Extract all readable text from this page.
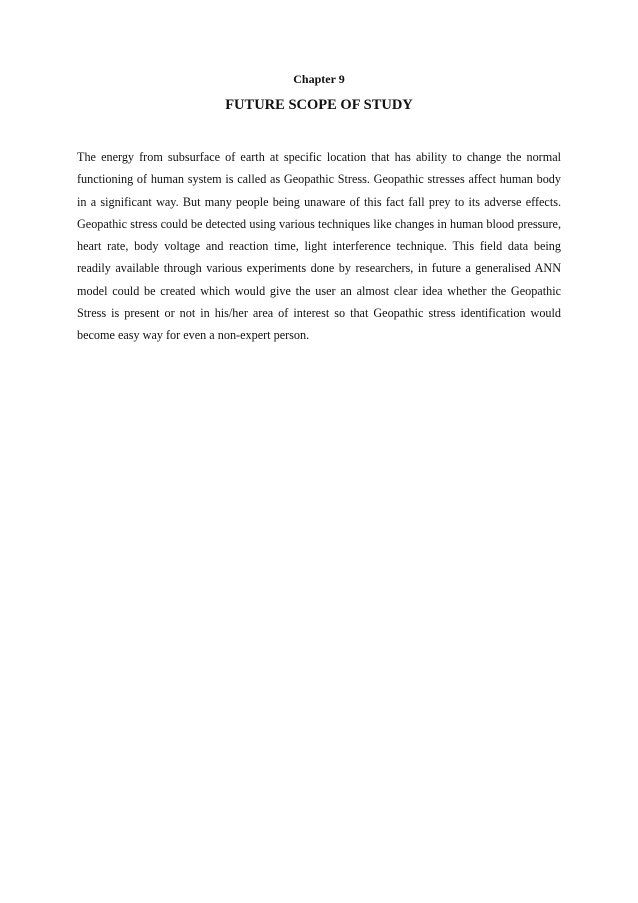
Chapter 9
FUTURE SCOPE OF STUDY

The energy from subsurface of earth at specific location that has ability to change the normal functioning of human system is called as Geopathic Stress. Geopathic stresses affect human body in a significant way. But many people being unaware of this fact fall prey to its adverse effects. Geopathic stress could be detected using various techniques like changes in human blood pressure, heart rate, body voltage and reaction time, light interference technique. This field data being readily available through various experiments done by researchers, in future a generalised ANN model could be created which would give the user an almost clear idea whether the Geopathic Stress is present or not in his/her area of interest so that Geopathic stress identification would become easy way for even a non-expert person.
